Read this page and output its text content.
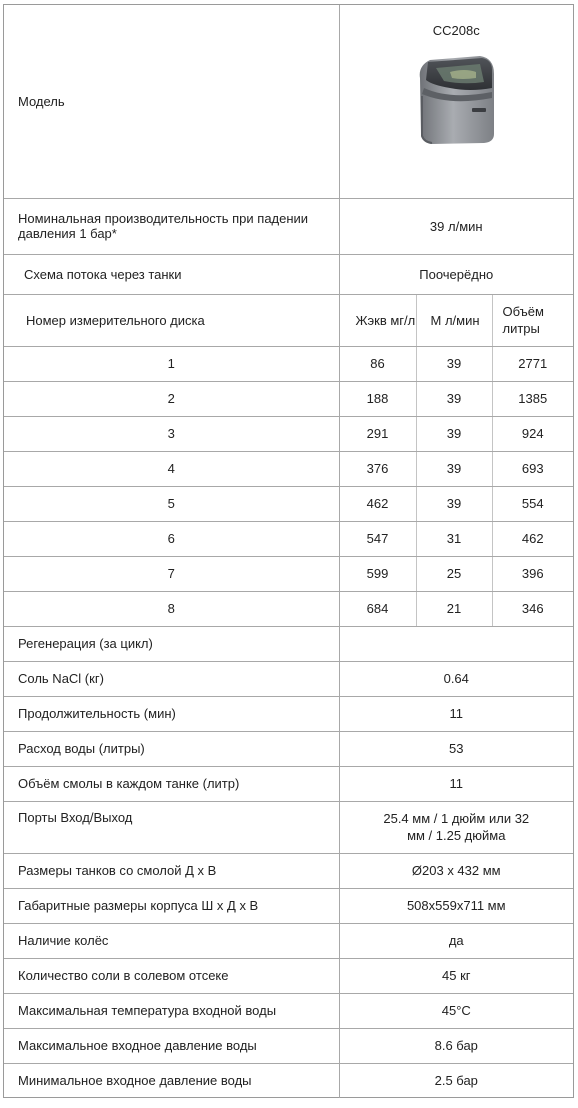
Модель	CC208c		

Номинальная производительность при падении давления 1 бар*	39 л/мин		
Схема потока через танки	Поочерёдно		
Номер измерительного диска	Жэкв мг/л	М л/мин	Объём литры
1	86	39	2771
2	188	39	1385
3	291	39	924
4	376	39	693
5	462	39	554
6	547	31	462
7	599	25	396
8	684	21	346
Регенерация (за цикл)			
Соль NaCl (кг)	0.64		
Продолжительность (мин)	11		
Расход воды (литры)	53		
Объём смолы в каждом танке (литр)	11		
Порты Вход/Выход	25.4 мм / 1 дюйм или 32 мм / 1.25 дюйма		
Размеры танков со смолой Д х В	Ø203 х 432 мм		
Габаритные размеры корпуса Ш х Д х В	508x559x711 мм		
Наличие колёс	да		
Количество соли в солевом отсеке	45 кг		
Максимальная температура входной воды	45°C		
Максимальное входное давление воды	8.6 бар		
Минимальное входное давление воды	2.5 бар		
